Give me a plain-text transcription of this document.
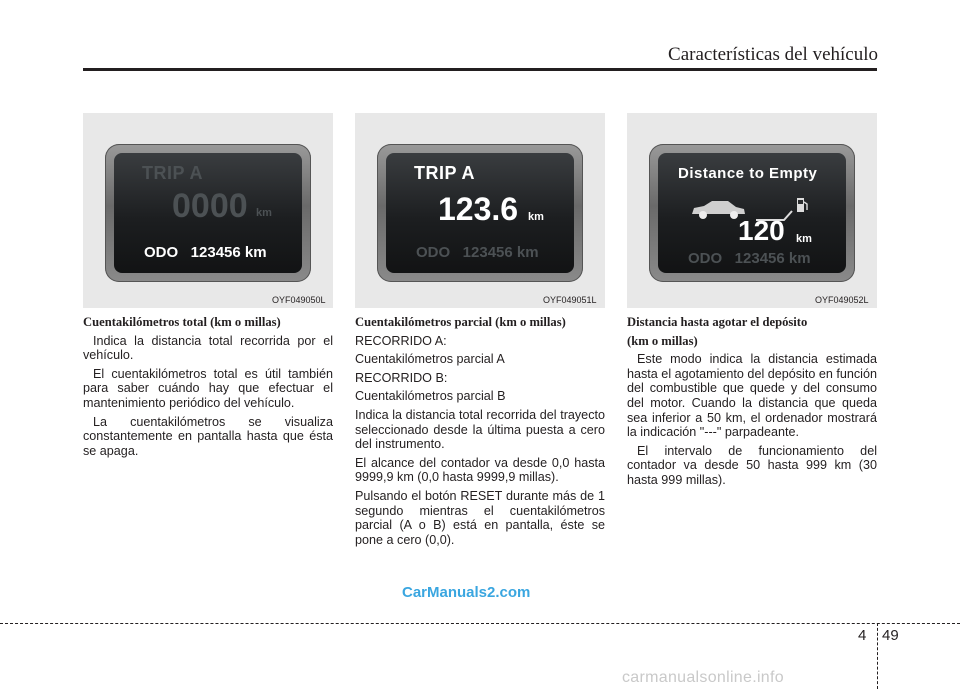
Características del vehículo
TRIP A
0000 km
ODO   123456 km
OYF049050L
TRIP A
123.6 km
ODO   123456 km
OYF049051L
Distance to Empty
120 km
ODO   123456 km
OYF049052L
Cuentakilómetros total (km o millas)

Indica la distancia total recorrida por el vehículo.

El cuentakilómetros total es útil también para saber cuándo hay que efectuar el mantenimiento periódico del vehículo.

La cuentakilómetros se visualiza constantemente en pantalla hasta que ésta se apaga.

Cuentakilómetros parcial (km o millas)

RECORRIDO A:

Cuentakilómetros parcial A

RECORRIDO B:

Cuentakilómetros parcial B

Indica la distancia total recorrida del trayecto seleccionado desde la última puesta a cero del instrumento.

El alcance del contador va desde 0,0 hasta 9999,9 km (0,0 hasta 9999,9 millas).

Pulsando el botón RESET durante más de 1 segundo mientras el cuentakilómetros parcial (A o B) está en pantalla, éste se pone a cero (0,0).

Distancia hasta agotar el depósito
(km o millas)

Este modo indica la distancia estimada hasta el agotamiento del depósito en función del combustible que quede y del consumo del motor. Cuando la distancia que queda sea inferior a 50 km, el ordenador mostrará la indicación "---" parpadeante.

El intervalo de funcionamiento del contador va desde 50 hasta 999 km (30 hasta 999 millas).

CarManuals2.com
4 49
carmanualsonline.info
